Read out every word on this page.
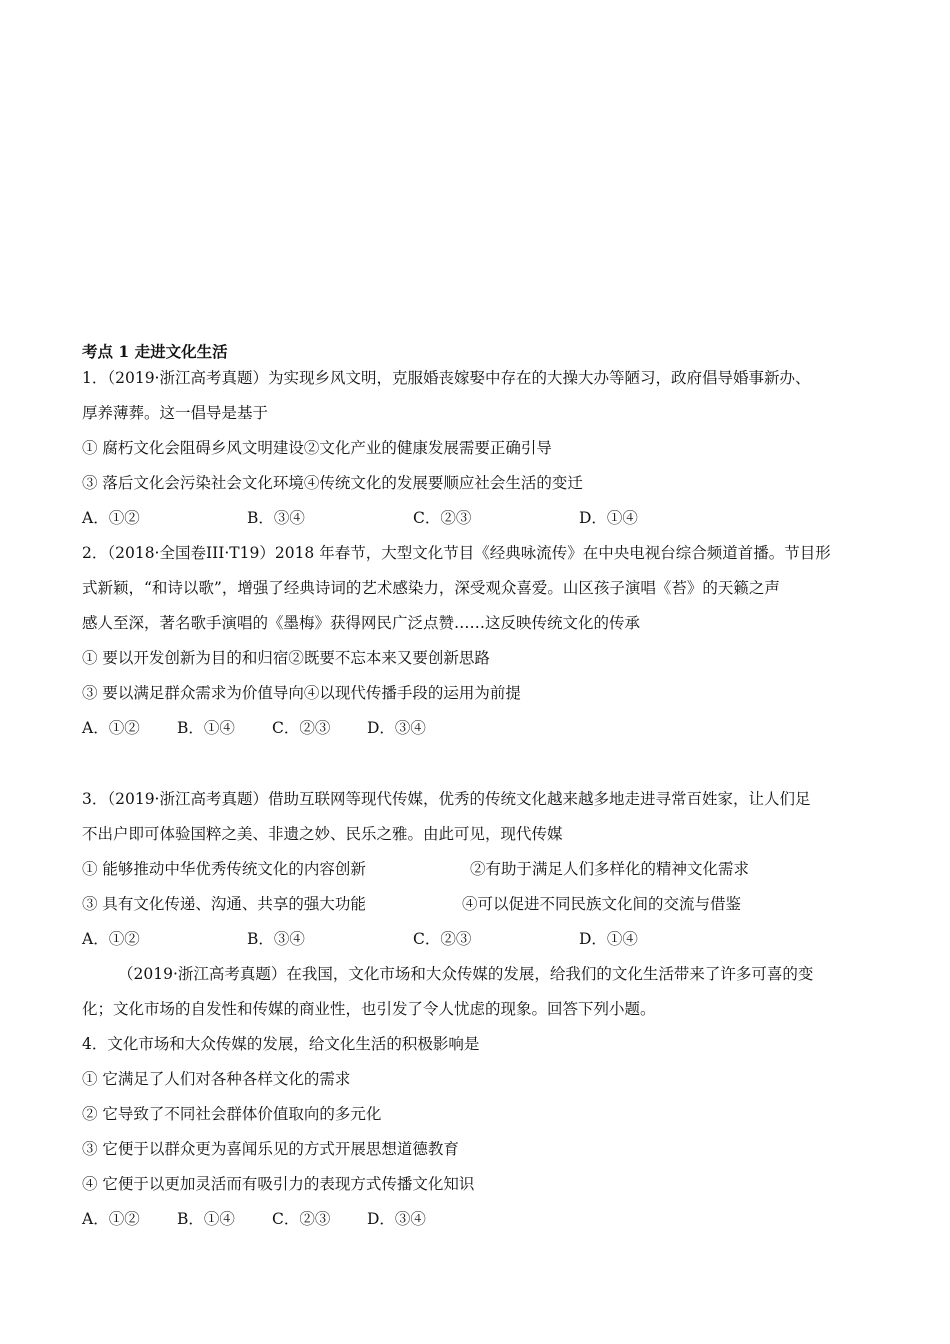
考点 1 走进文化生活
1．（2019·浙江高考真题）为实现乡风文明，克服婚丧嫁娶中存在的大操大办等陋习，政府倡导婚事新办、
厚养薄葬。这一倡导是基于
① 腐朽文化会阻碍乡风文明建设②文化产业的健康发展需要正确引导
③ 落后文化会污染社会文化环境④传统文化的发展要顺应社会生活的变迁
A．①②	B．③④	C．②③	D．①④
2．（2018·全国卷III·T19）2018 年春节，大型文化节目《经典咏流传》在中央电视台综合频道首播。节目形
式新颖，“和诗以歌”，增强了经典诗词的艺术感染力，深受观众喜爱。山区孩子演唱《苔》的天籁之声
感人至深，著名歌手演唱的《墨梅》获得网民广泛点赞……这反映传统文化的传承
① 要以开发创新为目的和归宿②既要不忘本来又要创新思路
③ 要以满足群众需求为价值导向④以现代传播手段的运用为前提
A．①② B．①④ C．②③ D．③④
3．（2019·浙江高考真题）借助互联网等现代传媒，优秀的传统文化越来越多地走进寻常百姓家，让人们足
不出户即可体验国粹之美、非遗之妙、民乐之雅。由此可见，现代传媒
① 能够推动中华优秀传统文化的内容创新	②有助于满足人们多样化的精神文化需求
③ 具有文化传递、沟通、共享的强大功能	④可以促进不同民族文化间的交流与借鉴
A．①②	B．③④	C．②③	D．①④
（2019·浙江高考真题）在我国，文化市场和大众传媒的发展，给我们的文化生活带来了许多可喜的变
化；文化市场的自发性和传媒的商业性，也引发了令人忧虑的现象。回答下列小题。
4．文化市场和大众传媒的发展，给文化生活的积极影响是
① 它满足了人们对各种各样文化的需求
② 它导致了不同社会群体价值取向的多元化
③ 它便于以群众更为喜闻乐见的方式开展思想道德教育
④ 它便于以更加灵活而有吸引力的表现方式传播文化知识
A．①② B．①④ C．②③ D．③④
